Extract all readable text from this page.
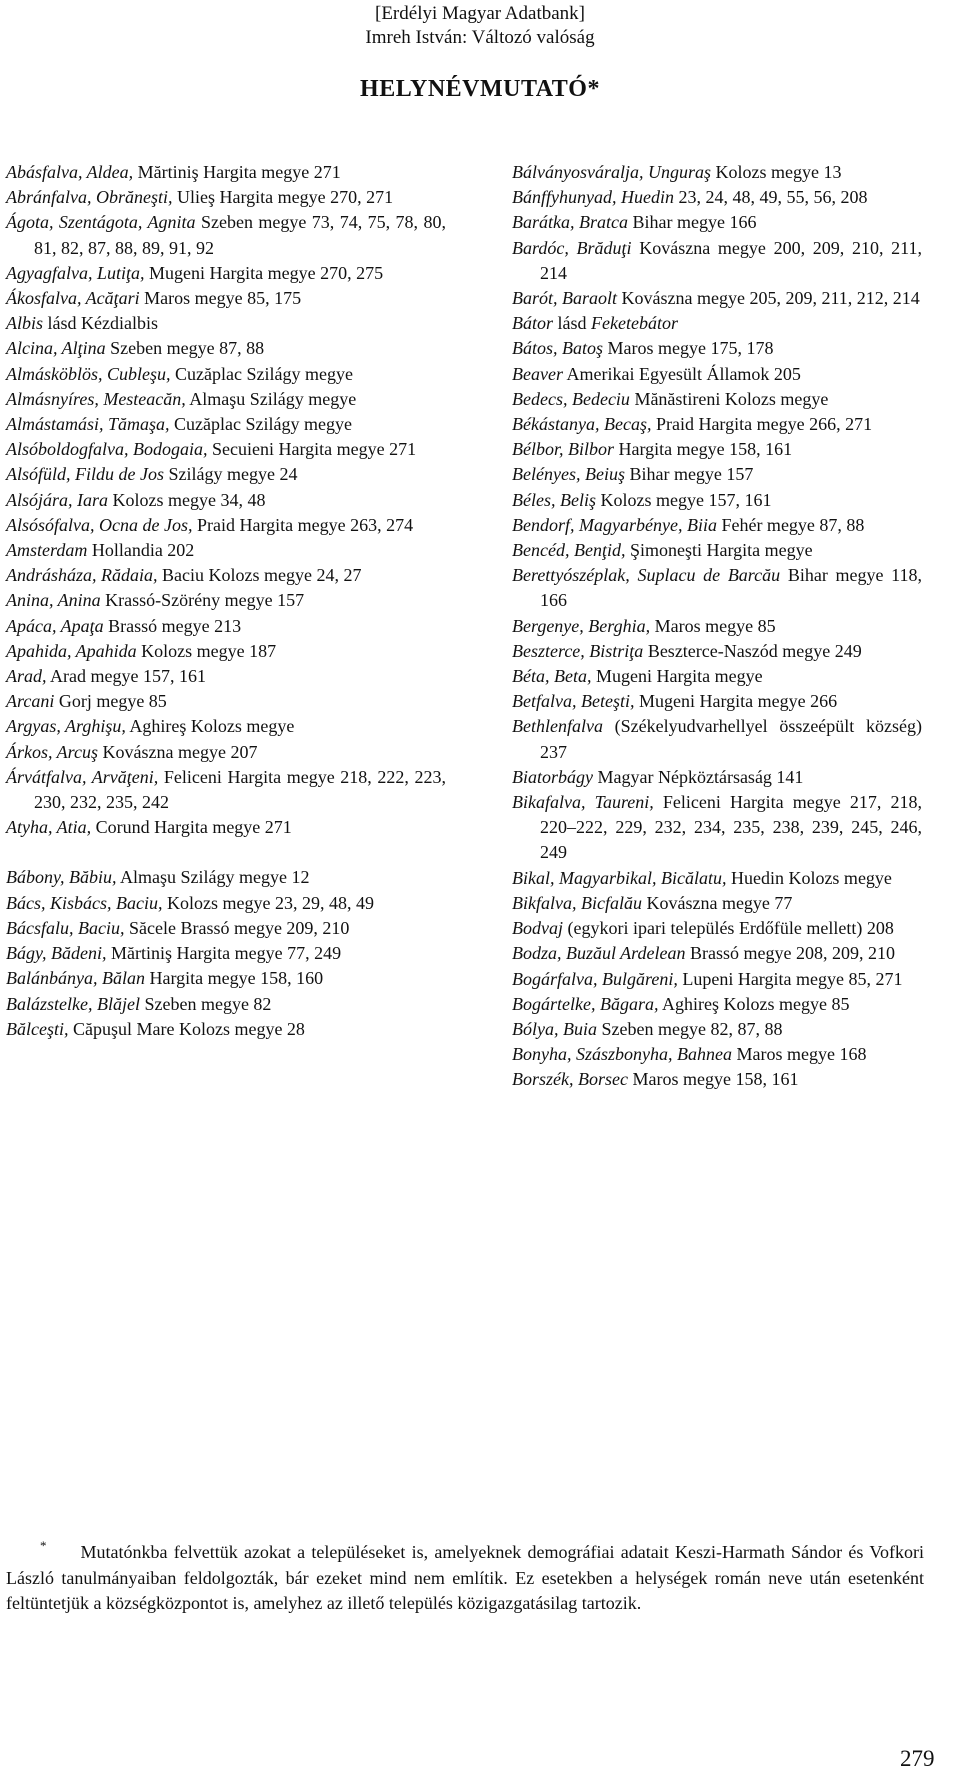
[Erdélyi Magyar Adatbank]
Imreh István: Változó valóság
HELYNÉVMUTATÓ*
Abásfalva, Aldea, Mărtiniş Hargita megye 271
Abránfalva, Obrăneşti, Ulieş Hargita megye 270, 271
Ágota, Szentágota, Agnita Szeben megye 73, 74, 75, 78, 80, 81, 82, 87, 88, 89, 91, 92
Agyagfalva, Lutiţa, Mugeni Hargita megye 270, 275
Ákosfalva, Acăţari Maros megye 85, 175
Albis lásd Kézdialbis
Alcina, Alţina Szeben megye 87, 88
Almásköblös, Cubleşu, Cuzăplac Szilágy megye
Almásnyíres, Mesteacăn, Almaşu Szilágy megye
Almástamási, Tămaşa, Cuzăplac Szilágy megye
Alsóboldogfalva, Bodogaia, Secuieni Hargita megye 271
Alsófüld, Fildu de Jos Szilágy megye 24
Alsójára, Iara Kolozs megye 34, 48
Alsósófalva, Ocna de Jos, Praid Hargita megye 263, 274
Amsterdam Hollandia 202
Andrásháza, Rădaia, Baciu Kolozs megye 24, 27
Anina, Anina Krassó-Szörény megye 157
Apáca, Apaţa Brassó megye 213
Apahida, Apahida Kolozs megye 187
Arad, Arad megye 157, 161
Arcani Gorj megye 85
Argyas, Arghişu, Aghireş Kolozs megye
Árkos, Arcuş Kovászna megye 207
Árvátfalva, Arvăţeni, Feliceni Hargita megye 218, 222, 223, 230, 232, 235, 242
Atyha, Atia, Corund Hargita megye 271
Bábony, Băbiu, Almaşu Szilágy megye 12
Bács, Kisbács, Baciu, Kolozs megye 23, 29, 48, 49
Bácsfalu, Baciu, Săcele Brassó megye 209, 210
Bágy, Bădeni, Mărtiniş Hargita megye 77, 249
Balánbánya, Bălan Hargita megye 158, 160
Balázstelke, Blăjel Szeben megye 82
Bălceşti, Căpuşul Mare Kolozs megye 28
Bálványosváralja, Unguraş Kolozs megye 13
Bánffyhunyad, Huedin 23, 24, 48, 49, 55, 56, 208
Barátka, Bratca Bihar megye 166
Bardóc, Brăduţi Kovászna megye 200, 209, 210, 211, 214
Barót, Baraolt Kovászna megye 205, 209, 211, 212, 214
Bátor lásd Feketebátor
Bátos, Batoş Maros megye 175, 178
Beaver Amerikai Egyesült Államok 205
Bedecs, Bedeciu Mănăstireni Kolozs megye
Békástanya, Becaş, Praid Hargita megye 266, 271
Bélbor, Bilbor Hargita megye 158, 161
Belényes, Beiuş Bihar megye 157
Béles, Beliş Kolozs megye 157, 161
Bendorf, Magyarbénye, Biia Fehér megye 87, 88
Bencéd, Benţid, Şimoneşti Hargita megye
Berettyószéplak, Suplacu de Barcău Bihar megye 118, 166
Bergenye, Berghia, Maros megye 85
Beszterce, Bistriţa Beszterce-Naszód megye 249
Béta, Beta, Mugeni Hargita megye
Betfalva, Beteşti, Mugeni Hargita megye 266
Bethlenfalva (Székelyudvarhellyel összeépült község) 237
Biatorbágy Magyar Népköztársaság 141
Bikafalva, Taureni, Feliceni Hargita megye 217, 218, 220–222, 229, 232, 234, 235, 238, 239, 245, 246, 249
Bikal, Magyarbikal, Bicălatu, Huedin Kolozs megye
Bikfalva, Bicfalău Kovászna megye 77
Bodvaj (egykori ipari település Erdőfüle mellett) 208
Bodza, Buzăul Ardelean Brassó megye 208, 209, 210
Bogárfalva, Bulgăreni, Lupeni Hargita megye 85, 271
Bogártelke, Băgara, Aghireş Kolozs megye 85
Bólya, Buia Szeben megye 82, 87, 88
Bonyha, Szászbonyha, Bahnea Maros megye 168
Borszék, Borsec Maros megye 158, 161
* Mutatónkba felvettük azokat a településeket is, amelyeknek demográfiai adatait Keszi-Harmath Sándor és Vofkori László tanulmányaiban feldolgozták, bár ezeket mind nem említik. Ez esetekben a helységek román neve után esetenként feltüntetjük a községközpontot is, amelyhez az illető település közigazgatásilag tartozik.
279
